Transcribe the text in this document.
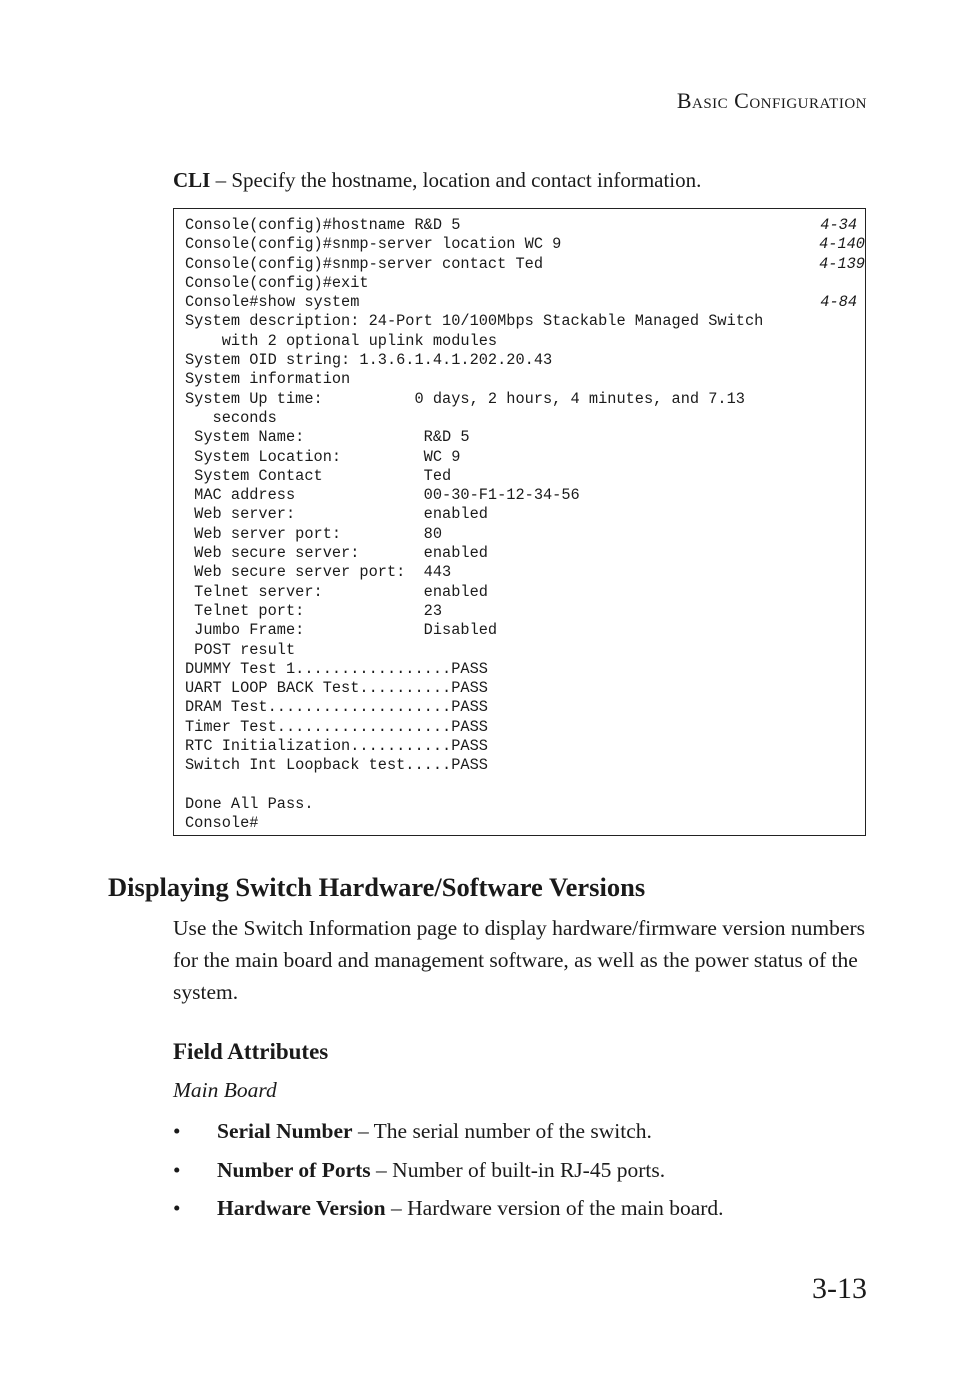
Basic Configuration
CLI – Specify the hostname, location and contact information.
Console(config)#hostname R&D 5	4-34
Console(config)#snmp-server location WC 9	4-140
Console(config)#snmp-server contact Ted	4-139
Console(config)#exit
Console#show system	4-84
System description: 24-Port 10/100Mbps Stackable Managed Switch
with 2 optional uplink modules
System OID string: 1.3.6.1.4.1.202.20.43
System information
System Up time:          0 days, 2 hours, 4 minutes, and 7.13
seconds
System Name:             R&D 5
System Location:         WC 9
System Contact           Ted
MAC address              00-30-F1-12-34-56
Web server:              enabled
Web server port:         80
Web secure server:       enabled
Web secure server port:  443
Telnet server:           enabled
Telnet port:             23
Jumbo Frame:             Disabled
POST result
DUMMY Test 1.................PASS
UART LOOP BACK Test..........PASS
DRAM Test....................PASS
Timer Test...................PASS
RTC Initialization...........PASS
Switch Int Loopback test.....PASS
Done All Pass.
Console#
Displaying Switch Hardware/Software Versions
Use the Switch Information page to display hardware/firmware version numbers for the main board and management software, as well as the power status of the system.
Field Attributes
Main Board
• Serial Number – The serial number of the switch.
• Number of Ports – Number of built-in RJ-45 ports.
• Hardware Version – Hardware version of the main board.
3-13
